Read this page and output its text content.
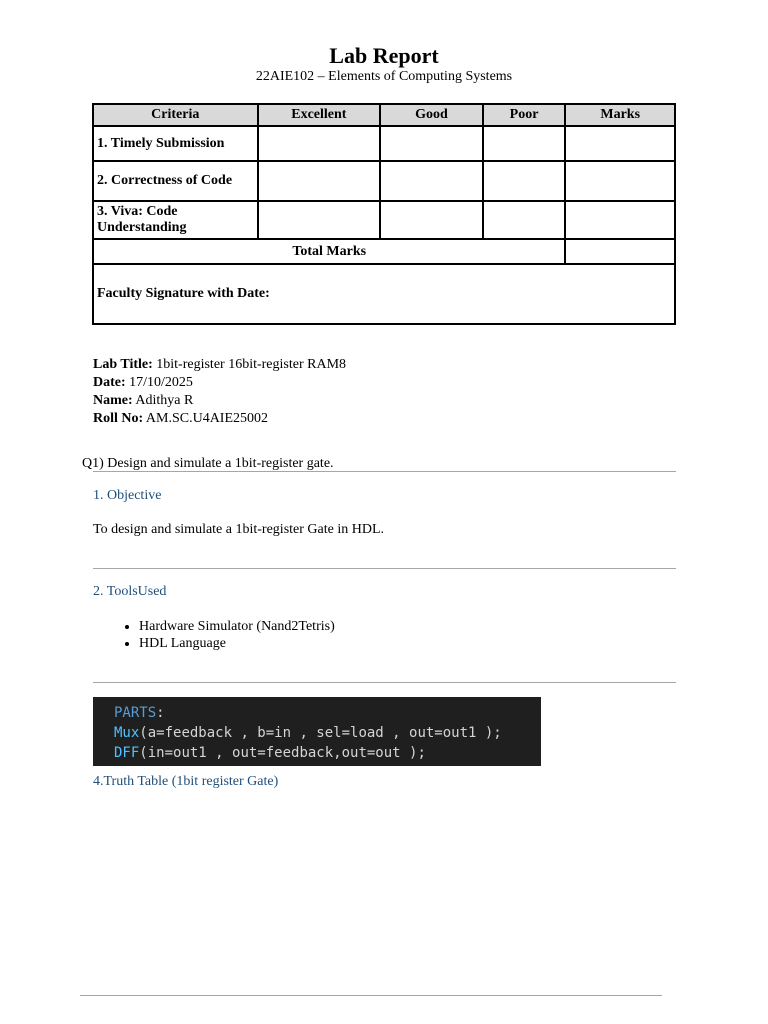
Lab Report
22AIE102 – Elements of Computing Systems
Criteria	Excellent	Good	Poor	Marks
1. Timely Submission				
2. Correctness of Code				
3. Viva: Code Understanding				
Total Marks				
Faculty Signature with Date:				
Lab Title: 1bit-register 16bit-register RAM8
Date: 17/10/2025
Name: Adithya R
Roll No: AM.SC.U4AIE25002
Q1) Design and simulate a 1bit-register gate.
1. Objective
To design and simulate a 1bit-register Gate in HDL.
2. ToolsUsed
• Hardware Simulator (Nand2Tetris)
• HDL Language
PARTS:
Mux(a=feedback , b=in , sel=load , out=out1 );
DFF(in=out1 , out=feedback,out=out );
4.Truth Table (1bit register Gate)
